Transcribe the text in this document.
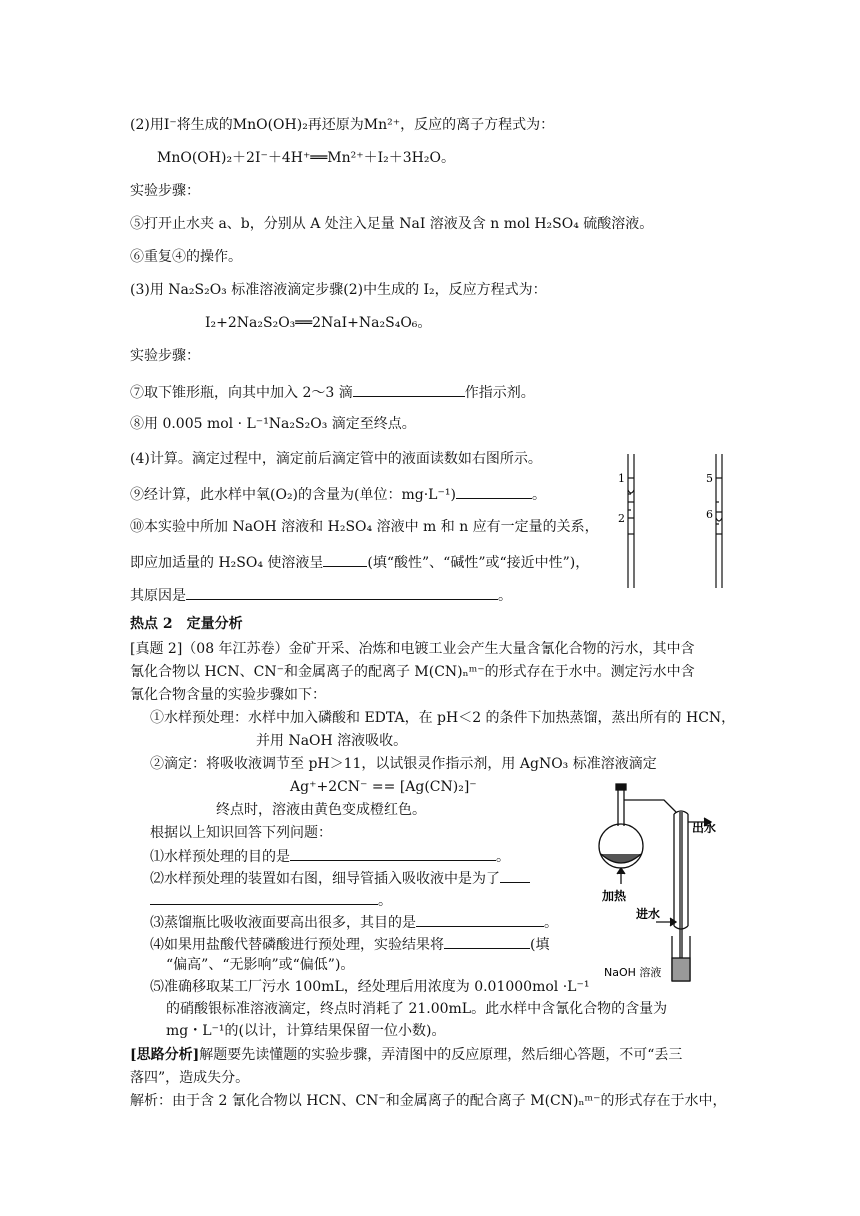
(2)用I⁻将生成的MnO(OH)₂再还原为Mn²⁺，反应的离子方程式为：
MnO(OH)₂＋2I⁻＋4H⁺══Mn²⁺＋I₂＋3H₂O。
实验步骤：
⑤打开止水夹 a、b，分别从 A 处注入足量 NaI 溶液及含 n mol H₂SO₄ 硫酸溶液。
⑥重复④的操作。
(3)用 Na₂S₂O₃ 标准溶液滴定步骤(2)中生成的 I₂，反应方程式为：
I₂+2Na₂S₂O₃══2NaI+Na₂S₄O₆。
实验步骤：
⑦取下锥形瓶，向其中加入 2～3 滴	作指示剂。
⑧用 0.005 mol · L⁻¹Na₂S₂O₃ 滴定至终点。
(4)计算。滴定过程中，滴定前后滴定管中的液面读数如右图所示。
⑨经计算，此水样中氧(O₂)的含量为(单位：mg·L⁻¹)	。
⑩本实验中所加 NaOH 溶液和 H₂SO₄ 溶液中 m 和 n 应有一定量的关系，
即应加适量的 H₂SO₄ 使溶液呈	(填“酸性”、“碱性”或“接近中性”)，
其原因是	。
1
2
5
6
热点 2　定量分析
[真题 2]（08 年江苏卷）金矿开采、冶炼和电镀工业会产生大量含氰化合物的污水，其中含
氰化合物以 HCN、CN⁻和金属离子的配离子 M(CN)ₙᵐ⁻的形式存在于水中。测定污水中含
氰化合物含量的实验步骤如下：
①水样预处理：水样中加入磷酸和 EDTA，在 pH＜2 的条件下加热蒸馏，蒸出所有的 HCN，
并用 NaOH 溶液吸收。
②滴定：将吸收液调节至 pH＞11，以试银灵作指示剂，用 AgNO₃ 标准溶液滴定
Ag⁺+2CN⁻ == [Ag(CN)₂]⁻
终点时，溶液由黄色变成橙红色。
根据以上知识回答下列问题：
⑴水样预处理的目的是	。
⑵水样预处理的装置如右图，细导管插入吸收液中是为了
。
⑶蒸馏瓶比吸收液面要高出很多，其目的是	。
⑷如果用盐酸代替磷酸进行预处理，实验结果将	(填
“偏高”、“无影响”或“偏低”)。
⑸准确移取某工厂污水 100mL，经处理后用浓度为 0.01000mol ·L⁻¹
的硝酸银标准溶液滴定，终点时消耗了 21.00mL。此水样中含氰化合物的含量为
mg・L⁻¹的(以计，计算结果保留一位小数)。
[思路分析]解题要先读懂题的实验步骤，弄清图中的反应原理，然后细心答题，不可“丢三
落四”，造成失分。
解析：由于含 2 氰化合物以 HCN、CN⁻和金属离子的配合离子 M(CN)ₙᵐ⁻的形式存在于水中，
出水
加热
进水
NaOH 溶液
